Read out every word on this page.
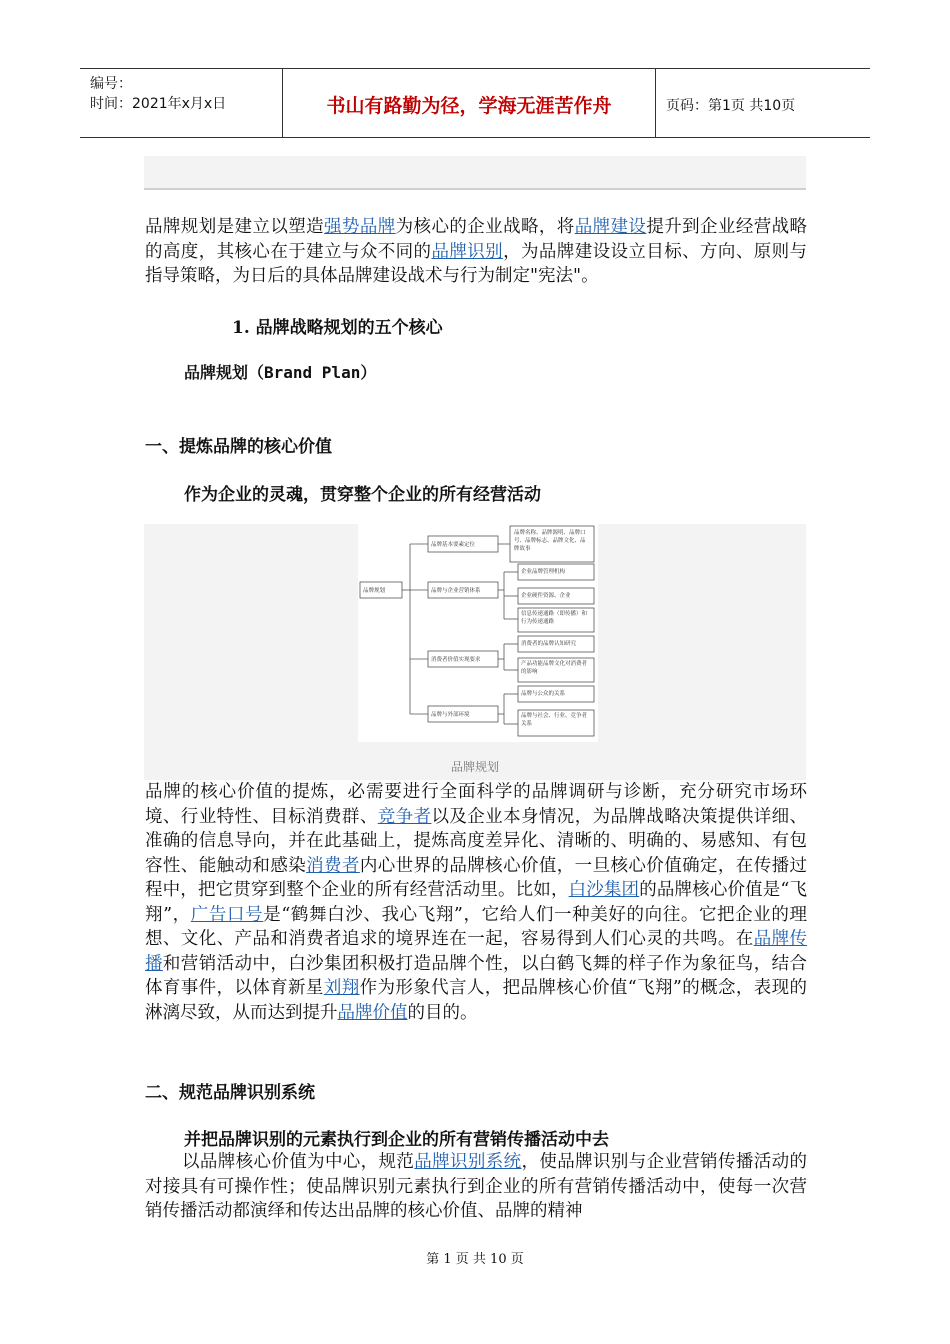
编号：
时间：2021年x月x日	书山有路勤为径，学海无涯苦作舟	页码：第1页 共10页

品牌规划是建立以塑造强势品牌为核心的企业战略，将品牌建设提升到企业经营战略的高度，其核心在于建立与众不同的品牌识别，为品牌建设设立目标、方向、原则与指导策略，为日后的具体品牌建设战术与行为制定"宪法"。

1. 品牌战略规划的五个核心
品牌规划（Brand Plan）
一、提炼品牌的核心价值
作为企业的灵魂，贯穿整个企业的所有经营活动
品牌规划
品牌基本要素定位
品牌与企业营销体系
消费者价值实现要求
品牌与外部环境
品牌名称、品牌源明、品牌口号、品牌标志、品牌文化、品牌故事
企业品牌管理机构
企业硬件资源、企业
信息传递通路（即传播）和行为传递通路
消费者的品牌认知研究
产品功能品牌文化对消费者的影响
品牌与公众的关系
品牌与社会、行业、竞争者关系
品牌规划

品牌的核心价值的提炼，必需要进行全面科学的品牌调研与诊断，充分研究市场环境、行业特性、目标消费群、竞争者以及企业本身情况，为品牌战略决策提供详细、准确的信息导向，并在此基础上，提炼高度差异化、清晰的、明确的、易感知、有包容性、能触动和感染消费者内心世界的品牌核心价值，一旦核心价值确定，在传播过程中，把它贯穿到整个企业的所有经营活动里。比如，白沙集团的品牌核心价值是“飞翔”，广告口号是“鹤舞白沙、我心飞翔”，它给人们一种美好的向往。它把企业的理想、文化、产品和消费者追求的境界连在一起，容易得到人们心灵的共鸣。在品牌传播和营销活动中，白沙集团积极打造品牌个性，以白鹤飞舞的样子作为象征鸟，结合体育事件，以体育新星刘翔作为形象代言人，把品牌核心价值“飞翔”的概念，表现的淋漓尽致，从而达到提升品牌价值的目的。

二、规范品牌识别系统
并把品牌识别的元素执行到企业的所有营销传播活动中去

以品牌核心价值为中心，规范品牌识别系统，使品牌识别与企业营销传播活动的对接具有可操作性；使品牌识别元素执行到企业的所有营销传播活动中，使每一次营销传播活动都演绎和传达出品牌的核心价值、品牌的精神

第 1 页 共 10 页
